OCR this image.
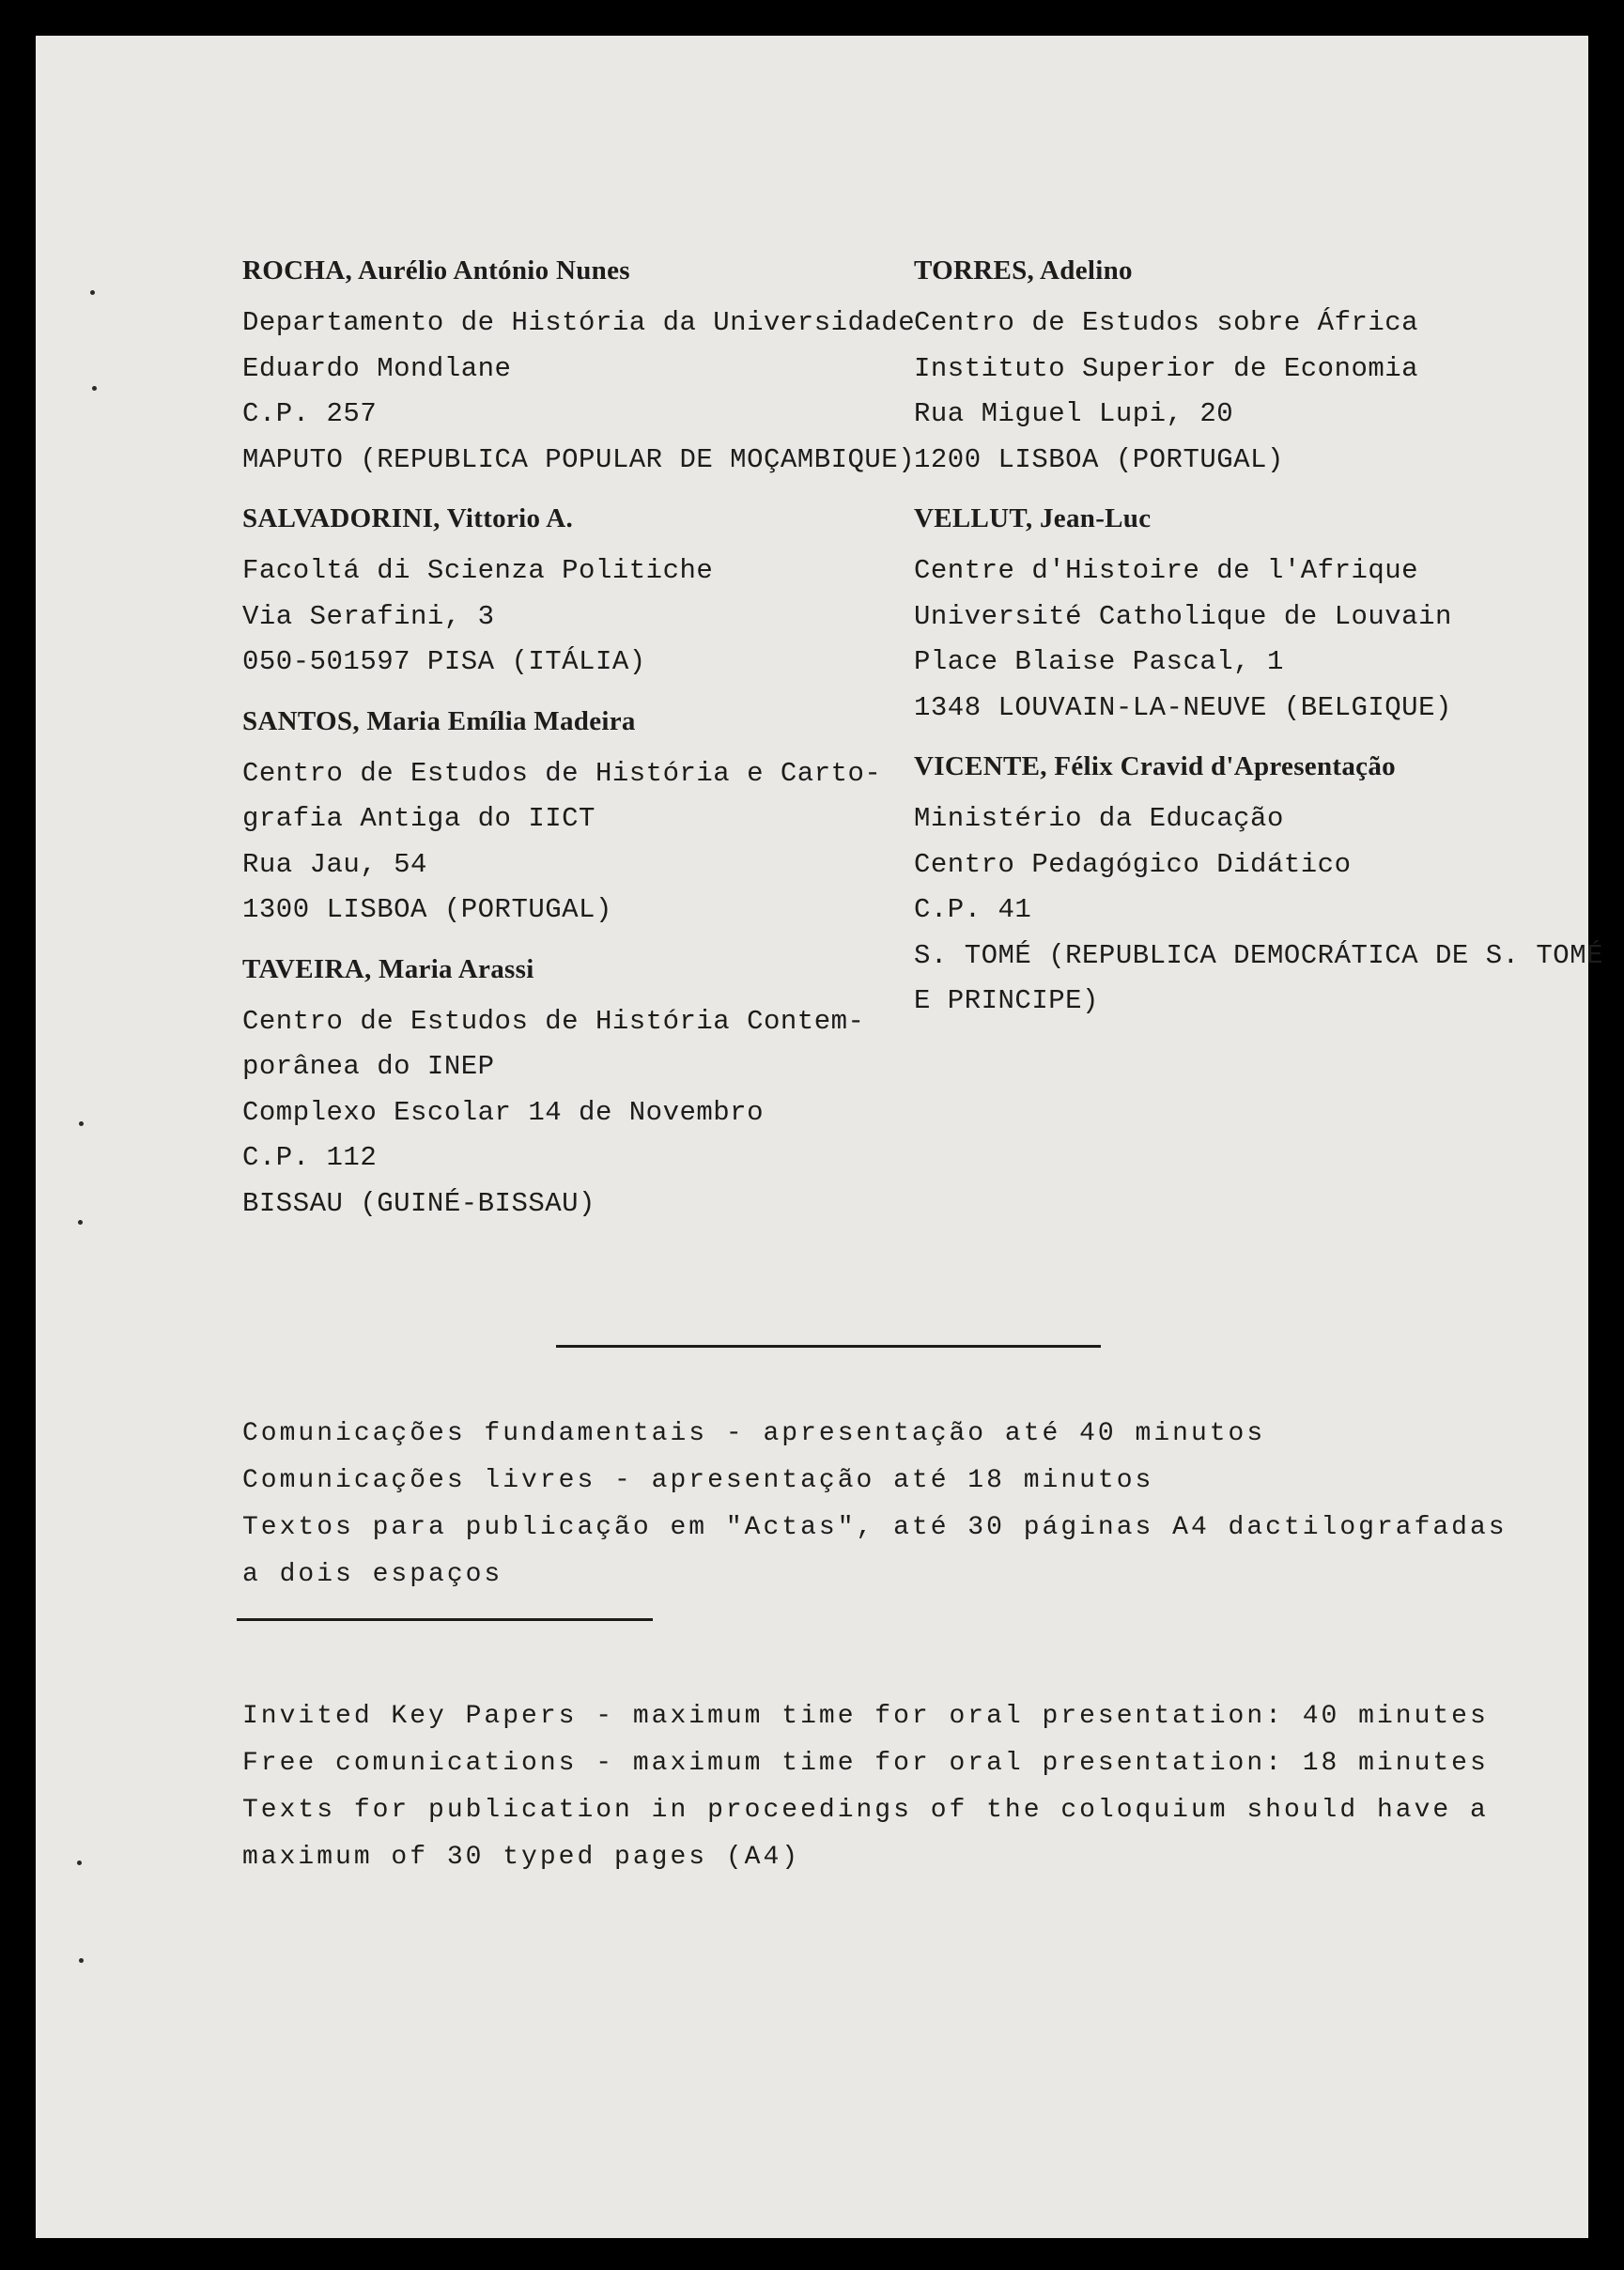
ROCHA, Aurélio António Nunes
Departamento de História da Universidade
Eduardo Mondlane
C.P. 257
MAPUTO (REPUBLICA POPULAR DE MOÇAMBIQUE)
SALVADORINI, Vittorio A.
Facoltá di Scienza Politiche
Via Serafini, 3
050-501597 PISA (ITÁLIA)
SANTOS, Maria Emília Madeira
Centro de Estudos de História e Carto-
grafia Antiga do IICT
Rua Jau, 54
1300 LISBOA (PORTUGAL)
TAVEIRA, Maria Arassi
Centro de Estudos de História Contem-
porânea do INEP
Complexo Escolar 14 de Novembro
C.P. 112
BISSAU (GUINÉ-BISSAU)
TORRES, Adelino
Centro de Estudos sobre África
Instituto Superior de Economia
Rua Miguel Lupi, 20
1200 LISBOA (PORTUGAL)
VELLUT, Jean-Luc
Centre d'Histoire de l'Afrique
Université Catholique de Louvain
Place Blaise Pascal, 1
1348 LOUVAIN-LA-NEUVE (BELGIQUE)
VICENTE, Félix Cravid d'Apresentação
Ministério da Educação
Centro Pedagógico Didático
C.P. 41
S. TOMÉ (REPUBLICA DEMOCRÁTICA DE S. TOMÉ
E PRINCIPE)
Comunicações fundamentais - apresentação até 40 minutos
Comunicações livres - apresentação até 18 minutos
Textos para publicação em "Actas", até 30 páginas A4 dactilografadas
a dois espaços
Invited Key Papers - maximum time for oral presentation: 40 minutes
Free comunications - maximum time for oral presentation: 18 minutes
Texts for publication in proceedings of the coloquium should have a
maximum of 30 typed pages (A4)
